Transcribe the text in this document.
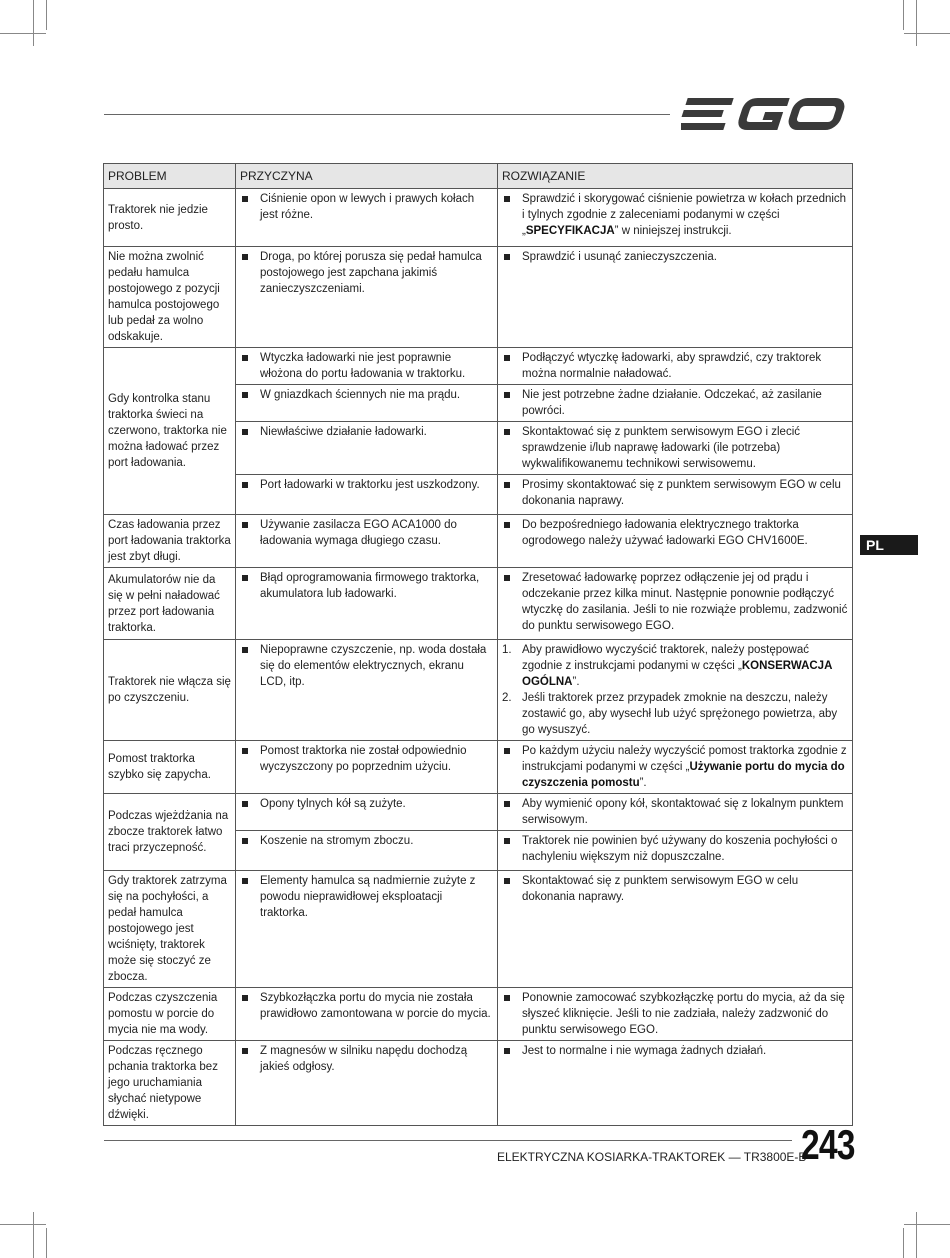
PL
PROBLEM	PRZYCZYNA	ROZWIĄZANIE
Traktorek nie jedzie prosto.	Ciśnienie opon w lewych i prawych kołach jest różne.	Sprawdzić i skorygować ciśnienie powietrza w kołach przednich i tylnych zgodnie z zaleceniami podanymi w części „SPECYFIKACJA” w niniejszej instrukcji.

Nie można zwolnić pedału hamulca postojowego z pozycji hamulca postojowego lub pedał za wolno odskakuje.	Droga, po której porusza się pedał hamulca postojowego jest zapchana jakimiś zanieczyszczeniami.	Sprawdzić i usunąć zanieczyszczenia.

Gdy kontrolka stanu traktorka świeci na czerwono, traktorka nie można ładować przez port ładowania.	Wtyczka ładowarki nie jest poprawnie włożona do portu ładowania w traktorku.	Podłączyć wtyczkę ładowarki, aby sprawdzić, czy traktorek można normalnie naładować.

	W gniazdkach ściennych nie ma prądu.	Nie jest potrzebne żadne działanie. Odczekać, aż zasilanie powróci.

	Niewłaściwe działanie ładowarki.	Skontaktować się z punktem serwisowym EGO i zlecić sprawdzenie i/lub naprawę ładowarki (ile potrzeba) wykwalifikowanemu technikowi serwisowemu.

	Port ładowarki w traktorku jest uszkodzony.	Prosimy skontaktować się z punktem serwisowym EGO w celu dokonania naprawy.

Czas ładowania przez port ładowania traktorka jest zbyt długi.	Używanie zasilacza EGO ACA1000 do ładowania wymaga długiego czasu.	Do bezpośredniego ładowania elektrycznego traktorka ogrodowego należy używać ładowarki EGO CHV1600E.

Akumulatorów nie da się w pełni naładować przez port ładowania traktorka.	Błąd oprogramowania firmowego traktorka, akumulatora lub ładowarki.	Zresetować ładowarkę poprzez odłączenie jej od prądu i odczekanie przez kilka minut. Następnie ponownie podłączyć wtyczkę do zasilania. Jeśli to nie rozwiąże problemu, zadzwonić do punktu serwisowego EGO.

Traktorek nie włącza się po czyszczeniu.	Niepoprawne czyszczenie, np. woda dostała się do elementów elektrycznych, ekranu LCD, itp.	1. Aby prawidłowo wyczyścić traktorek, należy postępować zgodnie z instrukcjami podanymi w części „KONSERWACJA OGÓLNA”.
2. Jeśli traktorek przez przypadek zmoknie na deszczu, należy zostawić go, aby wysechł lub użyć sprężonego powietrza, aby go wysuszyć.

Pomost traktorka szybko się zapycha.	Pomost traktorka nie został odpowiednio wyczyszczony po poprzednim użyciu.	Po każdym użyciu należy wyczyścić pomost traktorka zgodnie z instrukcjami podanymi w części „Używanie portu do mycia do czyszczenia pomostu”.

Podczas wjeżdżania na zbocze traktorek łatwo traci przyczepność.	Opony tylnych kół są zużyte.	Aby wymienić opony kół, skontaktować się z lokalnym punktem serwisowym.

	Koszenie na stromym zboczu.	Traktorek nie powinien być używany do koszenia pochyłości o nachyleniu większym niż dopuszczalne.

Gdy traktorek zatrzyma się na pochyłości, a pedał hamulca postojowego jest wciśnięty, traktorek może się stoczyć ze zbocza.	Elementy hamulca są nadmiernie zużyte z powodu nieprawidłowej eksploatacji traktorka.	Skontaktować się z punktem serwisowym EGO w celu dokonania naprawy.

Podczas czyszczenia pomostu w porcie do mycia nie ma wody.	Szybkozłączka portu do mycia nie została prawidłowo zamontowana w porcie do mycia.	Ponownie zamocować szybkozłączkę portu do mycia, aż da się słyszeć kliknięcie. Jeśli to nie zadziała, należy zadzwonić do punktu serwisowego EGO.

Podczas ręcznego pchania traktorka bez jego uruchamiania słychać nietypowe dźwięki.	Z magnesów w silniku napędu dochodzą jakieś odgłosy.	Jest to normalne i nie wymaga żadnych działań.
ELEKTRYCZNA KOSIARKA-TRAKTOREK — TR3800E-B
243
